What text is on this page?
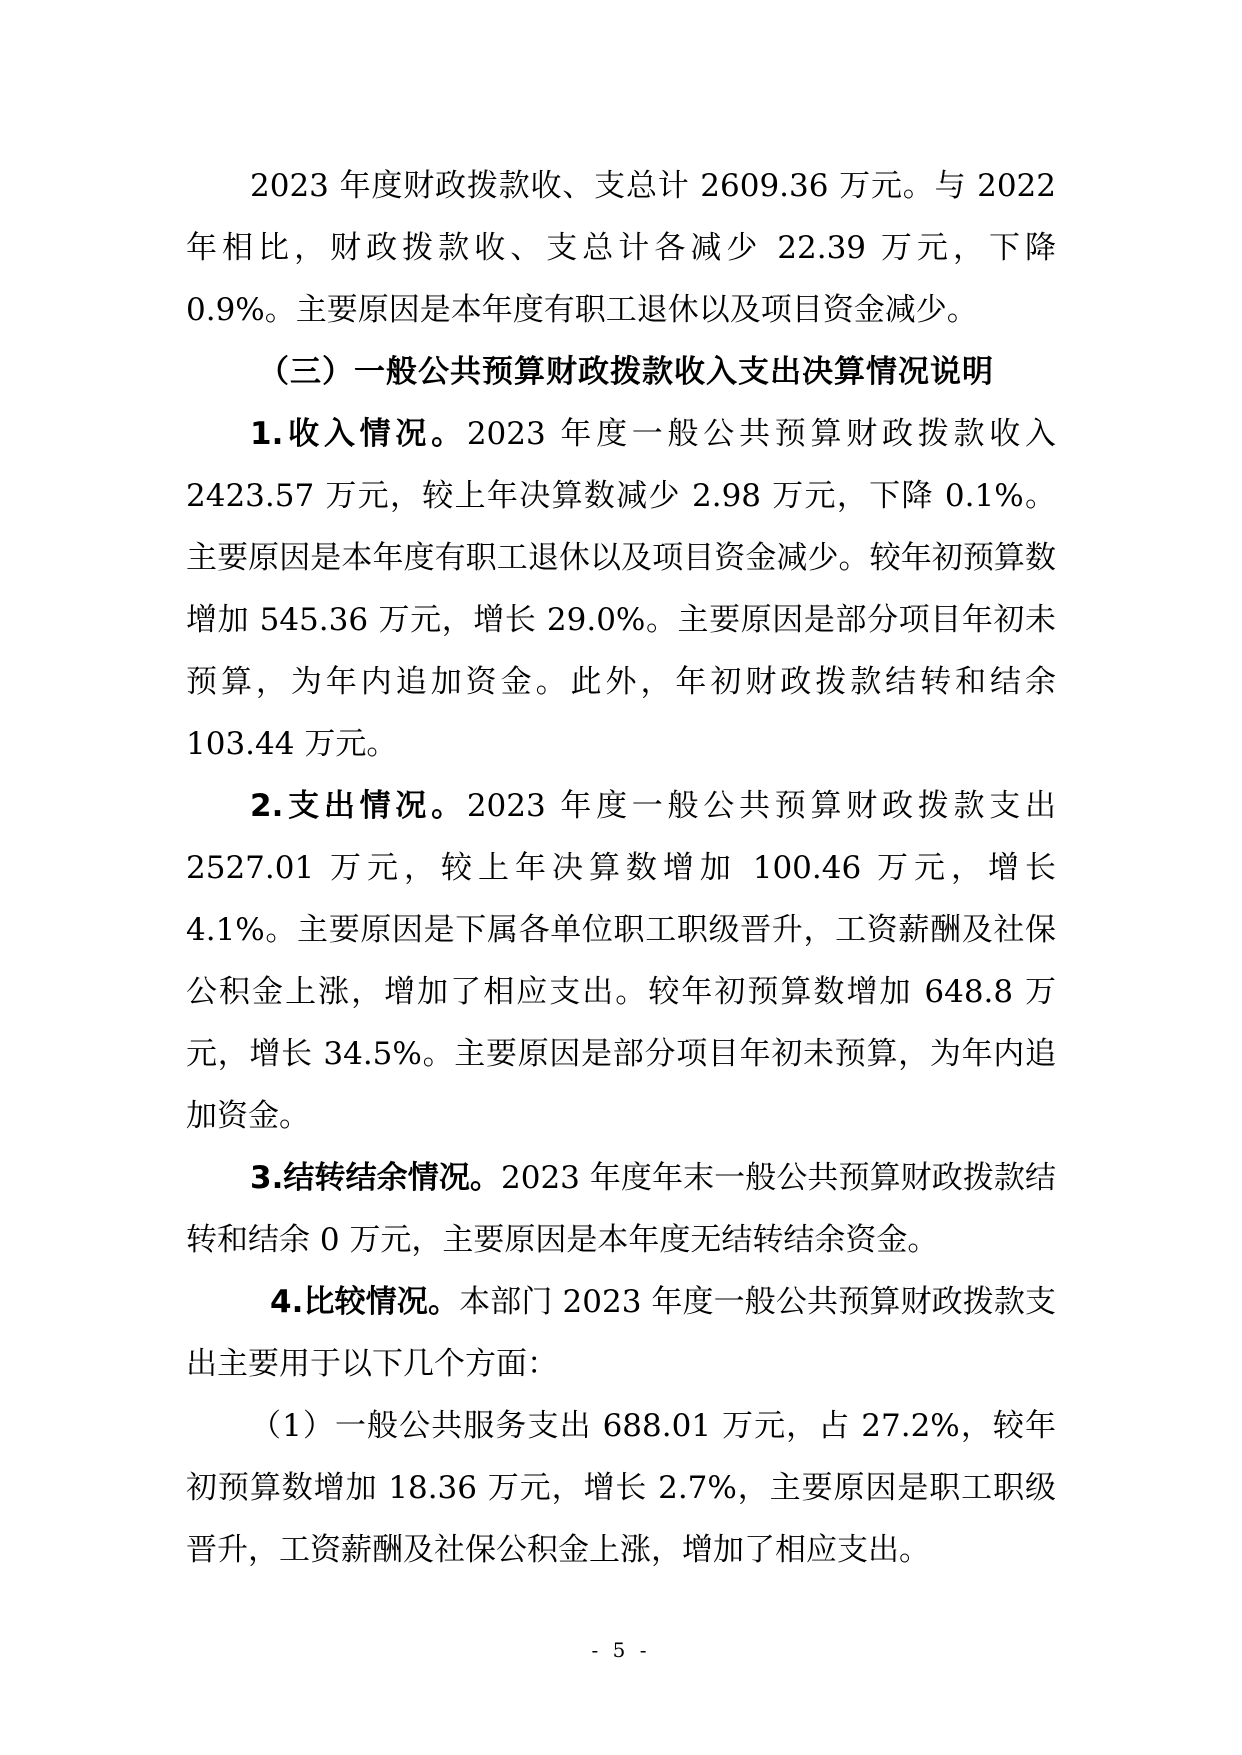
2023 年度财政拨款收、支总计 2609.36 万元。与 2022 年相比，财政拨款收、支总计各减少 22.39 万元，下降 0.9%。主要原因是本年度有职工退休以及项目资金减少。

（三）一般公共预算财政拨款收入支出决算情况说明

1.收入情况。2023 年度一般公共预算财政拨款收入 2423.57 万元，较上年决算数减少 2.98 万元，下降 0.1%。主要原因是本年度有职工退休以及项目资金减少。较年初预算数增加 545.36 万元，增长 29.0%。主要原因是部分项目年初未预算，为年内追加资金。此外，年初财政拨款结转和结余 103.44 万元。

2.支出情况。2023 年度一般公共预算财政拨款支出 2527.01 万元，较上年决算数增加 100.46 万元，增长 4.1%。主要原因是下属各单位职工职级晋升，工资薪酬及社保公积金上涨，增加了相应支出。较年初预算数增加 648.8 万元，增长 34.5%。主要原因是部分项目年初未预算，为年内追加资金。

3.结转结余情况。2023 年度年末一般公共预算财政拨款结转和结余 0 万元，主要原因是本年度无结转结余资金。

4.比较情况。本部门 2023 年度一般公共预算财政拨款支出主要用于以下几个方面：

（1）一般公共服务支出 688.01 万元，占 27.2%，较年初预算数增加 18.36 万元，增长 2.7%，主要原因是职工职级晋升，工资薪酬及社保公积金上涨，增加了相应支出。

- 5 -
